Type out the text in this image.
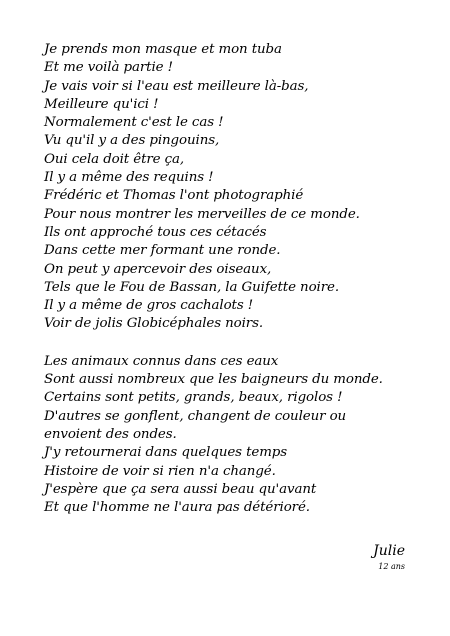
Je prends mon masque et mon tuba
Et me voilà partie !
Je vais voir si l'eau est meilleure là-bas,
Meilleure qu'ici !
Normalement c'est le cas !
Vu qu'il y a des pingouins,
Oui cela doit être ça,
Il y a même des requins !
Frédéric et Thomas l'ont photographié
Pour nous montrer les merveilles de ce monde.
Ils ont approché tous ces cétacés
Dans cette mer formant une ronde.
On peut y apercevoir des oiseaux,
Tels que le Fou de Bassan, la Guifette noire.
Il y a même de gros cachalots !
Voir de jolis Globicéphales noirs.
Les animaux connus dans ces eaux
Sont aussi nombreux que les baigneurs du monde.
Certains sont petits, grands, beaux, rigolos !
D'autres se gonflent, changent de couleur ou
envoient des ondes.
J'y retournerai dans quelques temps
Histoire de voir si rien n'a changé.
J'espère que ça sera aussi beau qu'avant
Et que l'homme ne l'aura pas détérioré.
Julie
12 ans
